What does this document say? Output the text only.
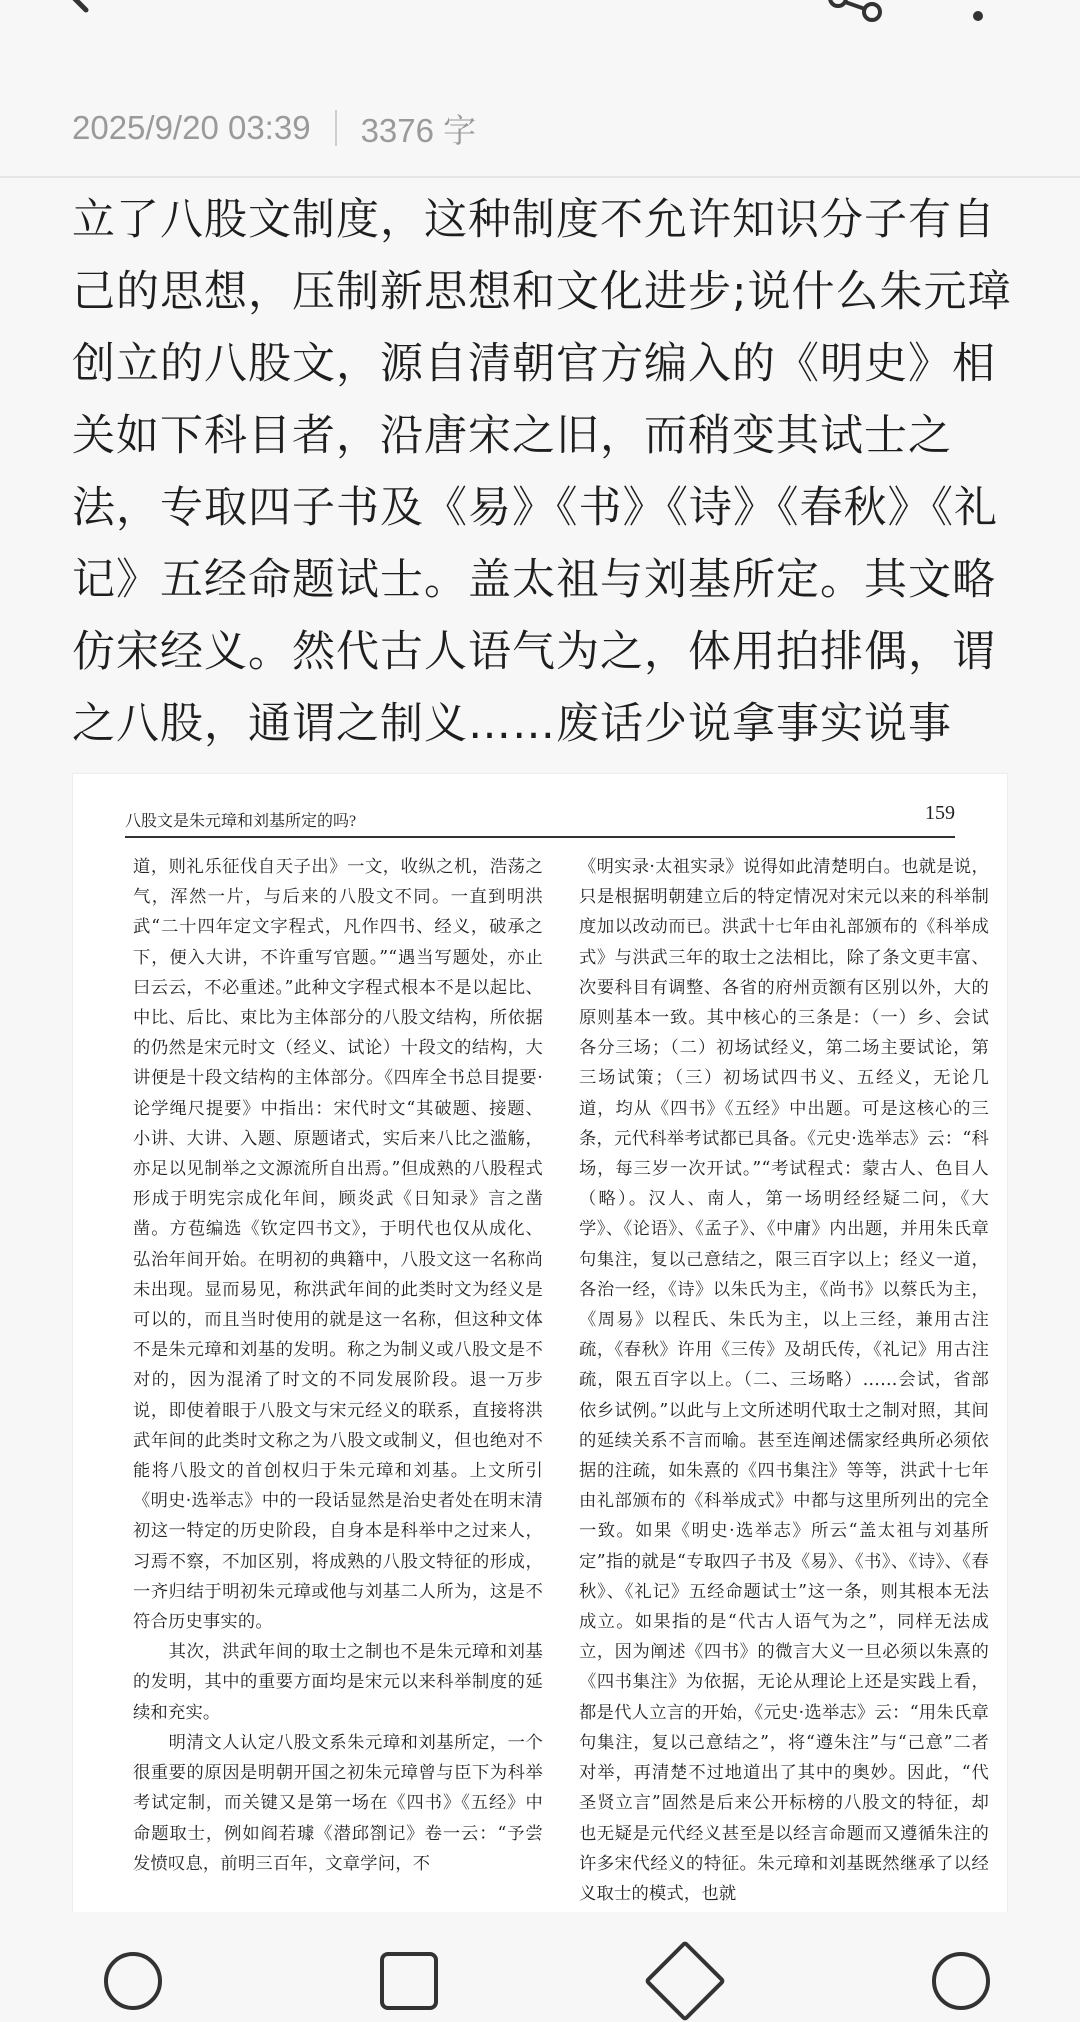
2025/9/20 03:39 3376 字

立了八股文制度，这种制度不允许知识分子有自己的思想，压制新思想和文化进步;说什么朱元璋创立的八股文，源自清朝官方编入的《明史》相关如下科目者，沿唐宋之旧，而稍变其试士之法，专取四子书及《易》《书》《诗》《春秋》《礼记》五经命题试士。盖太祖与刘基所定。其文略仿宋经义。然代古人语气为之，体用拍排偶，谓之八股，通谓之制义……废话少说拿事实说事

八股文是朱元璋和刘基所定的吗?	159

道，则礼乐征伐自天子出》一文，收纵之机，浩荡之气，浑然一片，与后来的八股文不同。一直到明洪武“二十四年定文字程式，凡作四书、经义，破承之下，便入大讲，不许重写官题。”“遇当写题处，亦止曰云云，不必重述。”此种文字程式根本不是以起比、中比、后比、束比为主体部分的八股文结构，所依据的仍然是宋元时文（经义、试论）十段文的结构，大讲便是十段文结构的主体部分。《四库全书总目提要·论学绳尺提要》中指出：宋代时文“其破题、接题、小讲、大讲、入题、原题诸式，实后来八比之滥觞，亦足以见制举之文源流所自出焉。”但成熟的八股程式形成于明宪宗成化年间，顾炎武《日知录》言之凿凿。方苞编选《钦定四书文》，于明代也仅从成化、弘治年间开始。在明初的典籍中，八股文这一名称尚未出现。显而易见，称洪武年间的此类时文为经义是可以的，而且当时使用的就是这一名称，但这种文体不是朱元璋和刘基的发明。称之为制义或八股文是不对的，因为混淆了时文的不同发展阶段。退一万步说，即使着眼于八股文与宋元经义的联系，直接将洪武年间的此类时文称之为八股文或制义，但也绝对不能将八股文的首创权归于朱元璋和刘基。上文所引《明史·选举志》中的一段话显然是治史者处在明末清初这一特定的历史阶段，自身本是科举中之过来人，习焉不察，不加区别，将成熟的八股文特征的形成，一齐归结于明初朱元璋或他与刘基二人所为，这是不符合历史事实的。
　　其次，洪武年间的取士之制也不是朱元璋和刘基的发明，其中的重要方面均是宋元以来科举制度的延续和充实。
　　明清文人认定八股文系朱元璋和刘基所定，一个很重要的原因是明朝开国之初朱元璋曾与臣下为科举考试定制，而关键又是第一场在《四书》《五经》中命题取士，例如阎若璩《潜邱劄记》卷一云：“予尝发愤叹息，前明三百年，文章学问，不

《明实录·太祖实录》说得如此清楚明白。也就是说，只是根据明朝建立后的特定情况对宋元以来的科举制度加以改动而已。洪武十七年由礼部颁布的《科举成式》与洪武三年的取士之法相比，除了条文更丰富、次要科目有调整、各省的府州贡额有区别以外，大的原则基本一致。其中核心的三条是：（一）乡、会试各分三场；（二）初场试经义，第二场主要试论，第三场试策；（三）初场试四书义、五经义，无论几道，均从《四书》《五经》中出题。可是这核心的三条，元代科举考试都已具备。《元史·选举志》云：“科场，每三岁一次开试。”“考试程式：蒙古人、色目人（略）。汉人、南人，第一场明经经疑二问，《大学》、《论语》、《孟子》、《中庸》内出题，并用朱氏章句集注，复以己意结之，限三百字以上；经义一道，各治一经，《诗》以朱氏为主，《尚书》以蔡氏为主，《周易》以程氏、朱氏为主，以上三经，兼用古注疏，《春秋》许用《三传》及胡氏传，《礼记》用古注疏，限五百字以上。（二、三场略）……会试，省部依乡试例。”以此与上文所述明代取士之制对照，其间的延续关系不言而喻。甚至连阐述儒家经典所必须依据的注疏，如朱熹的《四书集注》等等，洪武十七年由礼部颁布的《科举成式》中都与这里所列出的完全一致。如果《明史·选举志》所云“盖太祖与刘基所定”指的就是“专取四子书及《易》、《书》、《诗》、《春秋》、《礼记》五经命题试士”这一条，则其根本无法成立。如果指的是“代古人语气为之”，同样无法成立，因为阐述《四书》的微言大义一旦必须以朱熹的《四书集注》为依据，无论从理论上还是实践上看，都是代人立言的开始，《元史·选举志》云：“用朱氏章句集注，复以己意结之”，将“遵朱注”与“己意”二者对举，再清楚不过地道出了其中的奥妙。因此，“代圣贤立言”固然是后来公开标榜的八股文的特征，却也无疑是元代经义甚至是以经言命题而又遵循朱注的许多宋代经义的特征。朱元璋和刘基既然继承了以经义取士的模式，也就
